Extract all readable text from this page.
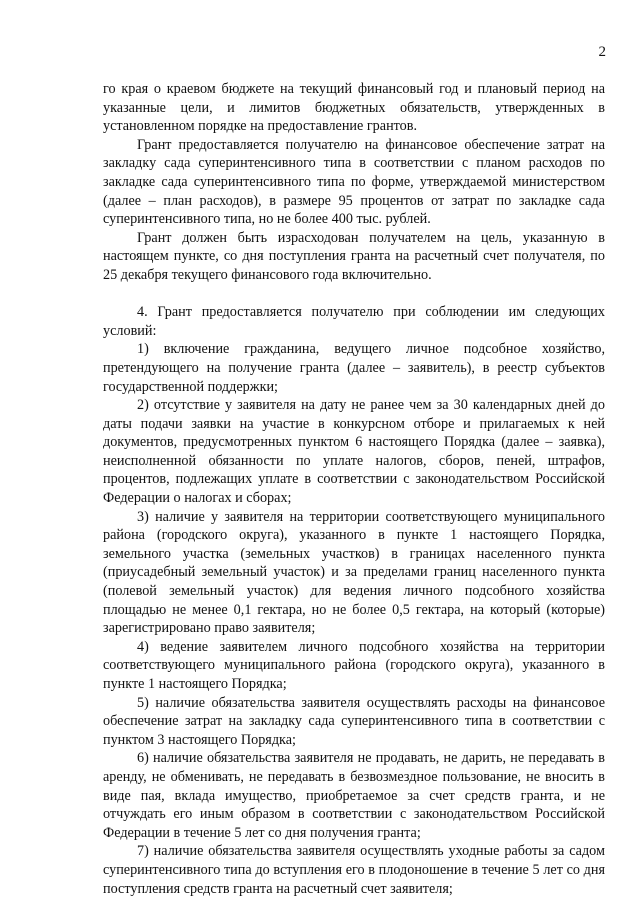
2

го края о краевом бюджете на текущий финансовый год и плановый период на указанные цели, и лимитов бюджетных обязательств, утвержденных в установленном порядке на предоставление грантов.

Грант предоставляется получателю на финансовое обеспечение затрат на закладку сада суперинтенсивного типа в соответствии с планом расходов по закладке сада суперинтенсивного типа по форме, утверждаемой министерством (далее – план расходов), в размере 95 процентов от затрат по закладке сада суперинтенсивного типа, но не более 400 тыс. рублей.

Грант должен быть израсходован получателем на цель, указанную в настоящем пункте, со дня поступления гранта на расчетный счет получателя, по 25 декабря текущего финансового года включительно.

4. Грант предоставляется получателю при соблюдении им следующих условий:

1) включение гражданина, ведущего личное подсобное хозяйство, претендующего на получение гранта (далее – заявитель), в реестр субъектов государственной поддержки;

2) отсутствие у заявителя на дату не ранее чем за 30 календарных дней до даты подачи заявки на участие в конкурсном отборе и прилагаемых к ней документов, предусмотренных пунктом 6 настоящего Порядка (далее – заявка), неисполненной обязанности по уплате налогов, сборов, пеней, штрафов, процентов, подлежащих уплате в соответствии с законодательством Российской Федерации о налогах и сборах;

3) наличие у заявителя на территории соответствующего муниципального района (городского округа), указанного в пункте 1 настоящего Порядка, земельного участка (земельных участков) в границах населенного пункта (приусадебный земельный участок) и за пределами границ населенного пункта (полевой земельный участок) для ведения личного подсобного хозяйства площадью не менее 0,1 гектара, но не более 0,5 гектара, на который (которые) зарегистрировано право заявителя;

4) ведение заявителем личного подсобного хозяйства на территории соответствующего муниципального района (городского округа), указанного в пункте 1 настоящего Порядка;

5) наличие обязательства заявителя осуществлять расходы на финансовое обеспечение затрат на закладку сада суперинтенсивного типа в соответствии с пунктом 3 настоящего Порядка;

6) наличие обязательства заявителя не продавать, не дарить, не передавать в аренду, не обменивать, не передавать в безвозмездное пользование, не вносить в виде пая, вклада имущество, приобретаемое за счет средств гранта, и не отчуждать его иным образом в соответствии с законодательством Российской Федерации в течение 5 лет со дня получения гранта;

7) наличие обязательства заявителя осуществлять уходные работы за садом суперинтенсивного типа до вступления его в плодоношение в течение 5 лет со дня поступления средств гранта на расчетный счет заявителя;
